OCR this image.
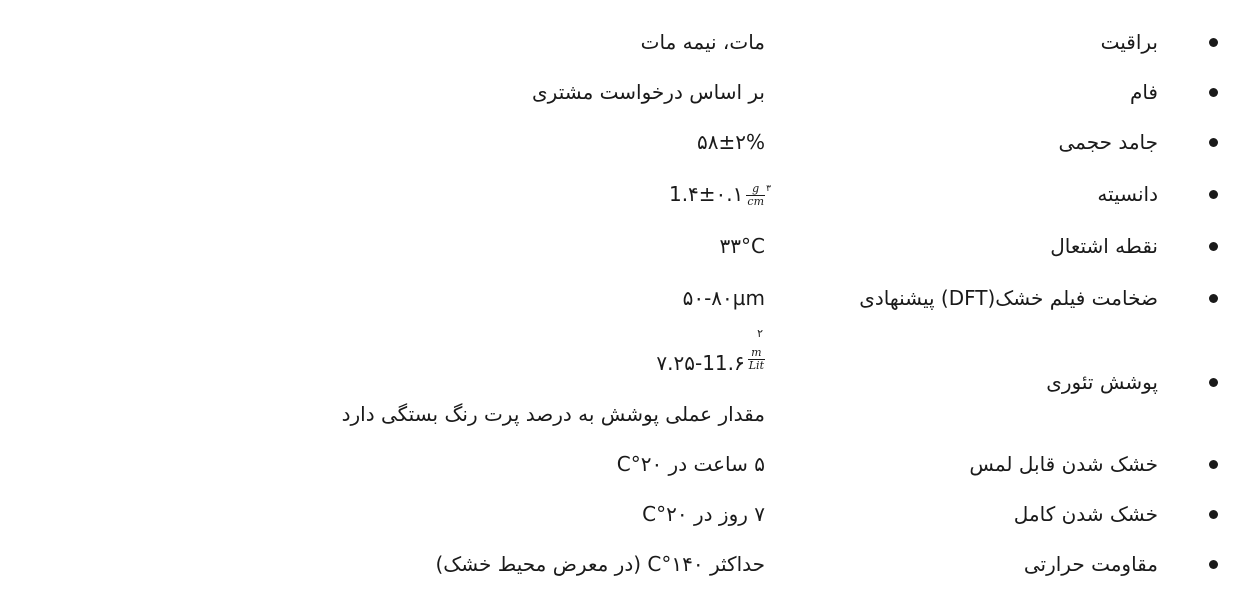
براقیت
مات، نیمه مات
فام
بر اساس درخواست مشتری
جامد حجمی
۵۸±۲%
دانسیته
1.۴±۰.۱ g
cm
۳
نقطه اشتعال
۳۳°C
ضخامت فیلم خشک(DFT) پیشنهادی
۵۰-۸۰µm
پوشش تئوری
۷.۲۵-11.۶ $\frac{m}{\text{Lit}}$
۲
مقدار عملی پوشش به درصد پرت رنگ بستگی دارد
خشک شدن قابل لمس
۵ ساعت در ۲۰°C
خشک شدن کامل
۷ روز در ۲۰°C
مقاومت حرارتی
حداکثر ۱۴۰°C (در معرض محیط خشک)
